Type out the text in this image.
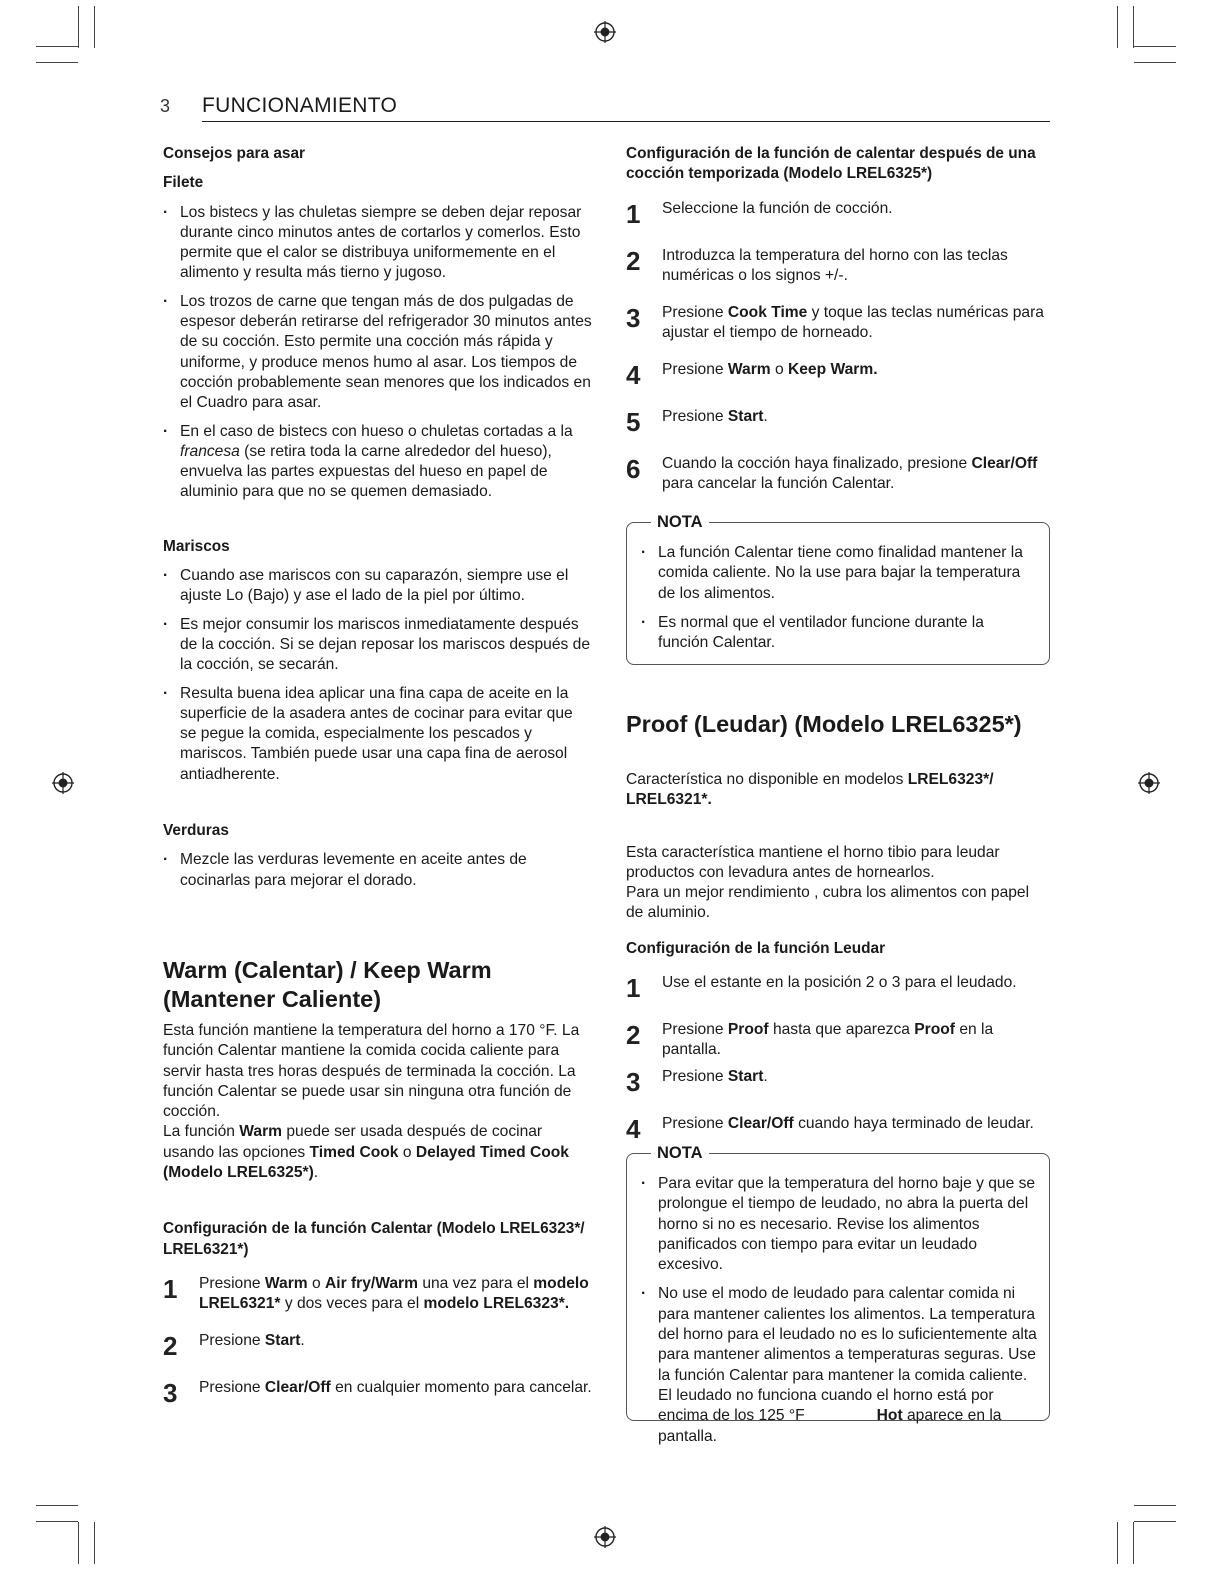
3 FUNCIONAMIENTO

Consejos para asar

Filete

· Los bistecs y las chuletas siempre se deben dejar reposar durante cinco minutos antes de cortarlos y comerlos. Esto permite que el calor se distribuya uniformemente en el alimento y resulta más tierno y jugoso.
· Los trozos de carne que tengan más de dos pulgadas de espesor deberán retirarse del refrigerador 30 minutos antes de su cocción. Esto permite una cocción más rápida y uniforme, y produce menos humo al asar. Los tiempos de cocción probablemente sean menores que los indicados en el Cuadro para asar.
· En el caso de bistecs con hueso o chuletas cortadas a la francesa (se retira toda la carne alrededor del hueso), envuelva las partes expuestas del hueso en papel de aluminio para que no se quemen demasiado.

Mariscos

· Cuando ase mariscos con su caparazón, siempre use el ajuste Lo (Bajo) y ase el lado de la piel por último.
· Es mejor consumir los mariscos inmediatamente después de la cocción. Si se dejan reposar los mariscos después de la cocción, se secarán.
· Resulta buena idea aplicar una fina capa de aceite en la superficie de la asadera antes de cocinar para evitar que se pegue la comida, especialmente los pescados y mariscos. También puede usar una capa fina de aerosol antiadherente.

Verduras

· Mezcle las verduras levemente en aceite antes de cocinarlas para mejorar el dorado.

Warm (Calentar) / Keep Warm
(Mantener Caliente)

Esta función mantiene la temperatura del horno a 170 °F. La función Calentar mantiene la comida cocida caliente para servir hasta tres horas después de terminada la cocción. La función Calentar se puede usar sin ninguna otra función de cocción.

La función Warm puede ser usada después de cocinar usando las opciones Timed Cook o Delayed Timed Cook (Modelo LREL6325*).

Configuración de la función Calentar (Modelo LREL6323*/ LREL6321*)

1	Presione Warm o Air fry/Warm una vez para el modelo LREL6321* y dos veces para el modelo LREL6323*.
2	Presione Start.
3	Presione Clear/Off en cualquier momento para cancelar.

Configuración de la función de calentar después de una cocción temporizada (Modelo LREL6325*)

1	Seleccione la función de cocción.
2	Introduzca la temperatura del horno con las teclas numéricas o los signos +/-.
3	Presione Cook Time y toque las teclas numéricas para ajustar el tiempo de horneado.
4	Presione Warm o Keep Warm.
5	Presione Start.
6	Cuando la cocción haya finalizado, presione Clear/Off para cancelar la función Calentar.
NOTA
· La función Calentar tiene como finalidad mantener la comida caliente. No la use para bajar la temperatura de los alimentos.
· Es normal que el ventilador funcione durante la función Calentar.

Proof (Leudar) (Modelo LREL6325*)

Característica no disponible en modelos LREL6323*/ LREL6321*.

Esta característica mantiene el horno tibio para leudar productos con levadura antes de hornearlos.

Para un mejor rendimiento , cubra los alimentos con papel de aluminio.

Configuración de la función Leudar

1	Use el estante en la posición 2 o 3 para el leudado.
2	Presione Proof hasta que aparezca Proof en la pantalla.
3	Presione Start.
4	Presione Clear/Off cuando haya terminado de leudar.
NOTA
· Para evitar que la temperatura del horno baje y que se prolongue el tiempo de leudado, no abra la puerta del horno si no es necesario. Revise los alimentos panificados con tiempo para evitar un leudado excesivo.
· No use el modo de leudado para calentar comida ni para mantener calientes los alimentos. La temperatura del horno para el leudado no es lo suficientemente alta para mantener alimentos a temperaturas seguras. Use la función Calentar para mantener la comida caliente. El leudado no funciona cuando el horno está por encima de los 125 °F	Hot aparece en la pantalla.
